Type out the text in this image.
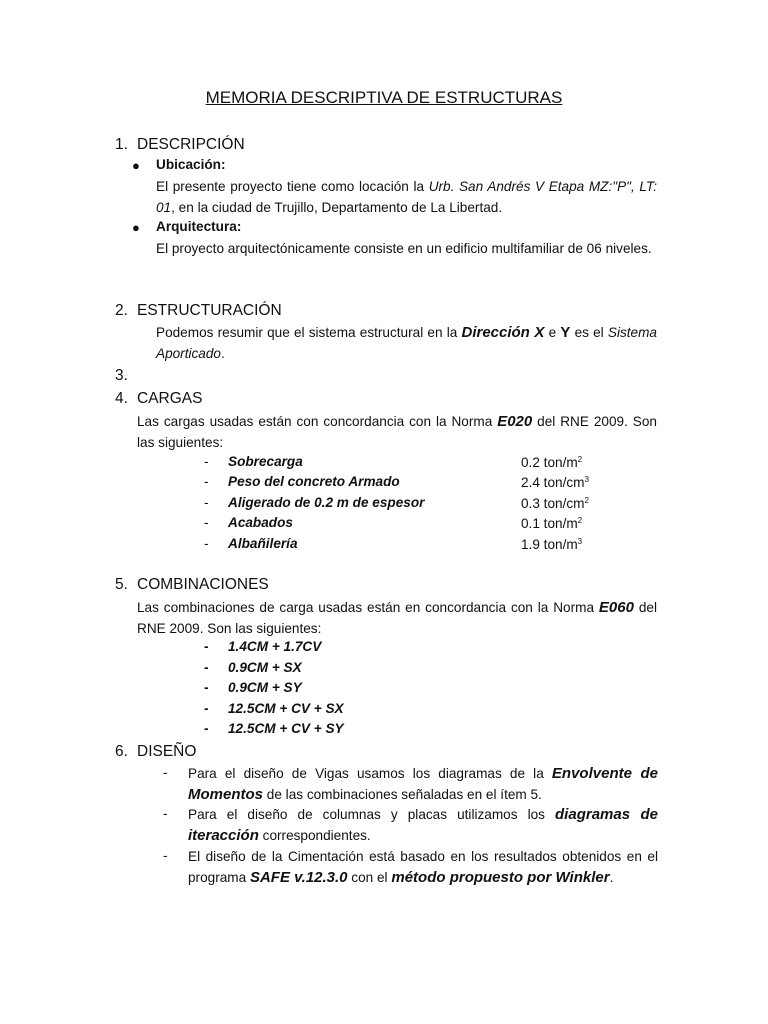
MEMORIA DESCRIPTIVA DE ESTRUCTURAS
1. DESCRIPCIÓN
● Ubicación:
El presente proyecto tiene como locación la Urb. San Andrés V Etapa MZ:"P", LT: 01, en la ciudad de Trujillo, Departamento de La Libertad.
● Arquitectura:
El proyecto arquitectónicamente consiste en un edificio multifamiliar de 06 niveles.
2. ESTRUCTURACIÓN
Podemos resumir que el sistema estructural en la Dirección X e Y es el Sistema Aporticado.
3.
4. CARGAS
Las cargas usadas están con concordancia con la Norma E020 del RNE 2009. Son las siguientes:
- Sobrecarga	0.2 ton/$m^2$
- Peso del concreto Armado	2.4 ton/$cm^3$
- Aligerado de 0.2 m de espesor	0.3 ton/$cm^2$
- Acabados	0.1 ton/$m^2$
- Albañilería	1.9 ton/$m^3$
5. COMBINACIONES
Las combinaciones de carga usadas están en concordancia con la Norma E060 del RNE 2009. Son las siguientes:
- 1.4CM + 1.7CV
- 0.9CM + SX
- 0.9CM + SY
- 12.5CM + CV + SX
- 12.5CM + CV + SY
6. DISEÑO
- Para el diseño de Vigas usamos los diagramas de la Envolvente de Momentos de las combinaciones señaladas en el ítem 5.
- Para el diseño de columnas y placas utilizamos los diagramas de iteracción correspondientes.
- El diseño de la Cimentación está basado en los resultados obtenidos en el programa SAFE v.12.3.0 con el método propuesto por Winkler.
